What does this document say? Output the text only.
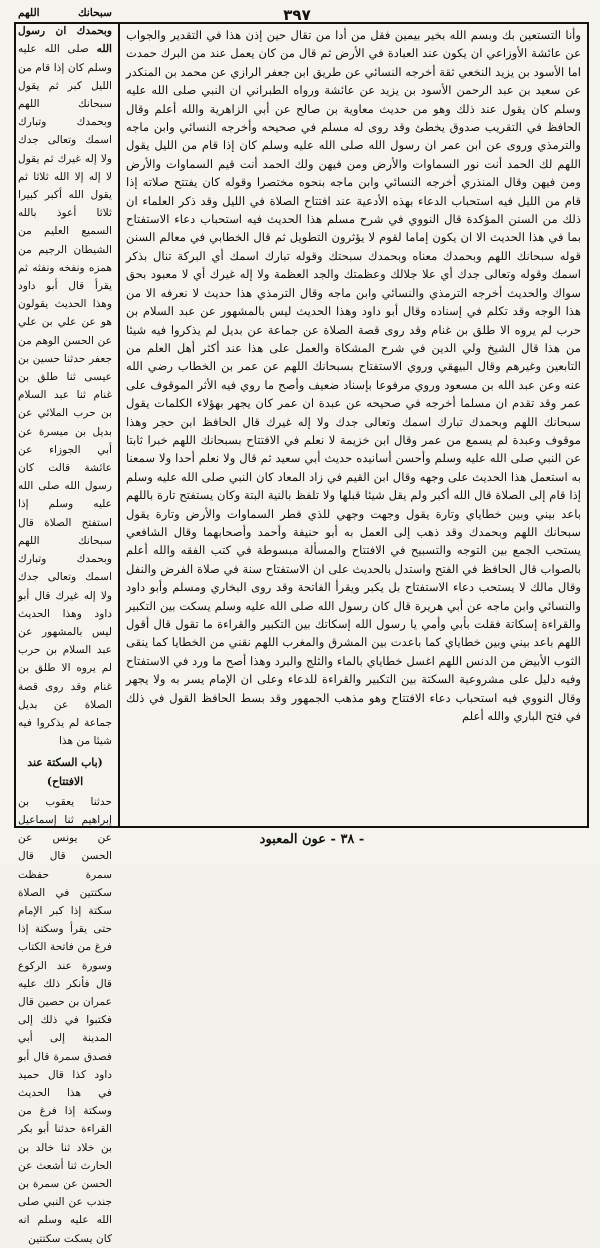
٣٩٧
وأنا التستعين بك وبسم الله بخير بيمين فقل من أدا من تقال حين إذن هذا في التقدير والجواب عن عائشة الأوزاعي ان يكون عند العبادة في الأرض ثم قال من كان يعمل عند من البرك حمدت اما الأسود بن يزيد النخعي ثقة أخرجه النسائي عن طريق ابن جعفر الرازي عن محمد بن المنكدر عن سعيد بن عبد الرحمن الأسود بن يزيد عن عائشة ورواه الطبراني ان النبي صلى الله عليه وسلم كان يقول عند ذلك وهو من حديث معاوية بن صالح عن أبي الزاهرية والله أعلم وقال الحافظ في التقريب صدوق يخطئ وقد روى له مسلم في صحيحه وأخرجه النسائي وابن ماجه والترمذي وروى عن ابن عمر ان رسول الله صلى الله عليه وسلم كان إذا قام من الليل يقول اللهم لك الحمد أنت نور السماوات والأرض ومن فيهن ولك الحمد أنت قيم السماوات والأرض ومن فيهن وقال المنذري أخرجه النسائي وابن ماجه بنحوه مختصرا وقوله كان يفتتح صلاته إذا قام من الليل فيه استحباب الدعاء بهذه الأدعية عند افتتاح الصلاة في الليل وقد ذكر العلماء ان ذلك من السنن المؤكدة قال النووي في شرح مسلم هذا الحديث فيه استحباب دعاء الاستفتاح بما في هذا الحديث الا ان يكون إماما لقوم لا يؤثرون التطويل ثم قال الخطابي في معالم السنن قوله سبحانك اللهم وبحمدك معناه وبحمدك سبحتك وقوله تبارك اسمك أي البركة تنال بذكر اسمك وقوله وتعالى جدك أي علا جلالك وعظمتك والجد العظمة ولا إله غيرك أي لا معبود بحق سواك والحديث أخرجه الترمذي والنسائي وابن ماجه وقال الترمذي هذا حديث لا نعرفه الا من هذا الوجه وقد تكلم في إسناده وقال أبو داود وهذا الحديث ليس بالمشهور عن عبد السلام بن حرب لم يروه الا طلق بن غنام وقد روى قصة الصلاة عن جماعة عن بديل لم يذكروا فيه شيئا من هذا قال الشيخ ولي الدين في شرح المشكاة والعمل على هذا عند أكثر أهل العلم من التابعين وغيرهم وقال البيهقي وروي الاستفتاح بسبحانك اللهم عن عمر بن الخطاب رضي الله عنه وعن عبد الله بن مسعود وروي مرفوعا بإسناد ضعيف وأصح ما روي فيه الأثر الموقوف على عمر وقد تقدم ان مسلما أخرجه في صحيحه عن عبدة ان عمر كان يجهر بهؤلاء الكلمات يقول سبحانك اللهم وبحمدك تبارك اسمك وتعالى جدك ولا إله غيرك قال الحافظ ابن حجر وهذا موقوف وعبدة لم يسمع من عمر وقال ابن خزيمة لا نعلم في الافتتاح بسبحانك اللهم خبرا ثابتا عن النبي صلى الله عليه وسلم وأحسن أسانيده حديث أبي سعيد ثم قال ولا نعلم أحدا ولا سمعنا به استعمل هذا الحديث على وجهه وقال ابن القيم في زاد المعاد كان النبي صلى الله عليه وسلم إذا قام إلى الصلاة قال الله أكبر ولم يقل شيئا قبلها ولا تلفظ بالنية البتة وكان يستفتح تارة باللهم باعد بيني وبين خطاياي وتارة يقول وجهت وجهي للذي فطر السماوات والأرض وتارة يقول سبحانك اللهم وبحمدك وقد ذهب إلى العمل به أبو حنيفة وأحمد وأصحابهما وقال الشافعي يستحب الجمع بين التوجه والتسبيح في الافتتاح والمسألة مبسوطة في كتب الفقه والله أعلم بالصواب قال الحافظ في الفتح واستدل بالحديث على ان الاستفتاح سنة في صلاة الفرض والنفل وقال مالك لا يستحب دعاء الاستفتاح بل يكبر ويقرأ الفاتحة وقد روى البخاري ومسلم وأبو داود والنسائي وابن ماجه عن أبي هريرة قال كان رسول الله صلى الله عليه وسلم يسكت بين التكبير والقراءة إسكاتة فقلت بأبي وأمي يا رسول الله إسكاتك بين التكبير والقراءة ما تقول قال أقول اللهم باعد بيني وبين خطاياي كما باعدت بين المشرق والمغرب اللهم نقني من الخطايا كما ينقى الثوب الأبيض من الدنس اللهم اغسل خطاياي بالماء والثلج والبرد وهذا أصح ما ورد في الاستفتاح وفيه دليل على مشروعية السكتة بين التكبير والقراءة للدعاء وعلى ان الإمام يسر به ولا يجهر وقال النووي فيه استحباب دعاء الافتتاح وهو مذهب الجمهور وقد بسط الحافظ القول في ذلك في فتح الباري والله أعلم
سبحانك اللهم وبحمدك ان رسول الله صلى الله عليه وسلم كان إذا قام من الليل كبر ثم يقول سبحانك اللهم وبحمدك وتبارك اسمك وتعالى جدك ولا إله غيرك ثم يقول لا إله إلا الله ثلاثا ثم يقول الله أكبر كبيرا ثلاثا أعوذ بالله السميع العليم من الشيطان الرجيم من همزه ونفخه ونفثه ثم يقرأ قال أبو داود وهذا الحديث يقولون هو عن علي بن علي عن الحسن الوهم من جعفر حدثنا حسين بن عيسى ثنا طلق بن غنام ثنا عبد السلام بن حرب الملائي عن بديل بن ميسرة عن أبي الجوزاء عن عائشة قالت كان رسول الله صلى الله عليه وسلم إذا استفتح الصلاة قال سبحانك اللهم وبحمدك وتبارك اسمك وتعالى جدك ولا إله غيرك قال أبو داود وهذا الحديث ليس بالمشهور عن عبد السلام بن حرب لم يروه الا طلق بن غنام وقد روى قصة الصلاة عن بديل جماعة لم يذكروا فيه شيئا من هذا
(باب السكتة عند الافتتاح)
حدثنا يعقوب بن إبراهيم ثنا إسماعيل عن يونس عن الحسن قال قال سمرة حفظت سكتتين في الصلاة سكتة إذا كبر الإمام حتى يقرأ وسكتة إذا فرغ من فاتحة الكتاب وسورة عند الركوع قال فأنكر ذلك عليه عمران بن حصين قال فكتبوا في ذلك إلى المدينة إلى أبي فصدق سمرة قال أبو داود كذا قال حميد في هذا الحديث وسكتة إذا فرغ من القراءة حدثنا أبو بكر بن خلاد ثنا خالد بن الحارث ثنا أشعث عن الحسن عن سمرة بن جندب عن النبي صلى الله عليه وسلم انه كان يسكت سكتتين
- ٣٨ - عون المعبود
